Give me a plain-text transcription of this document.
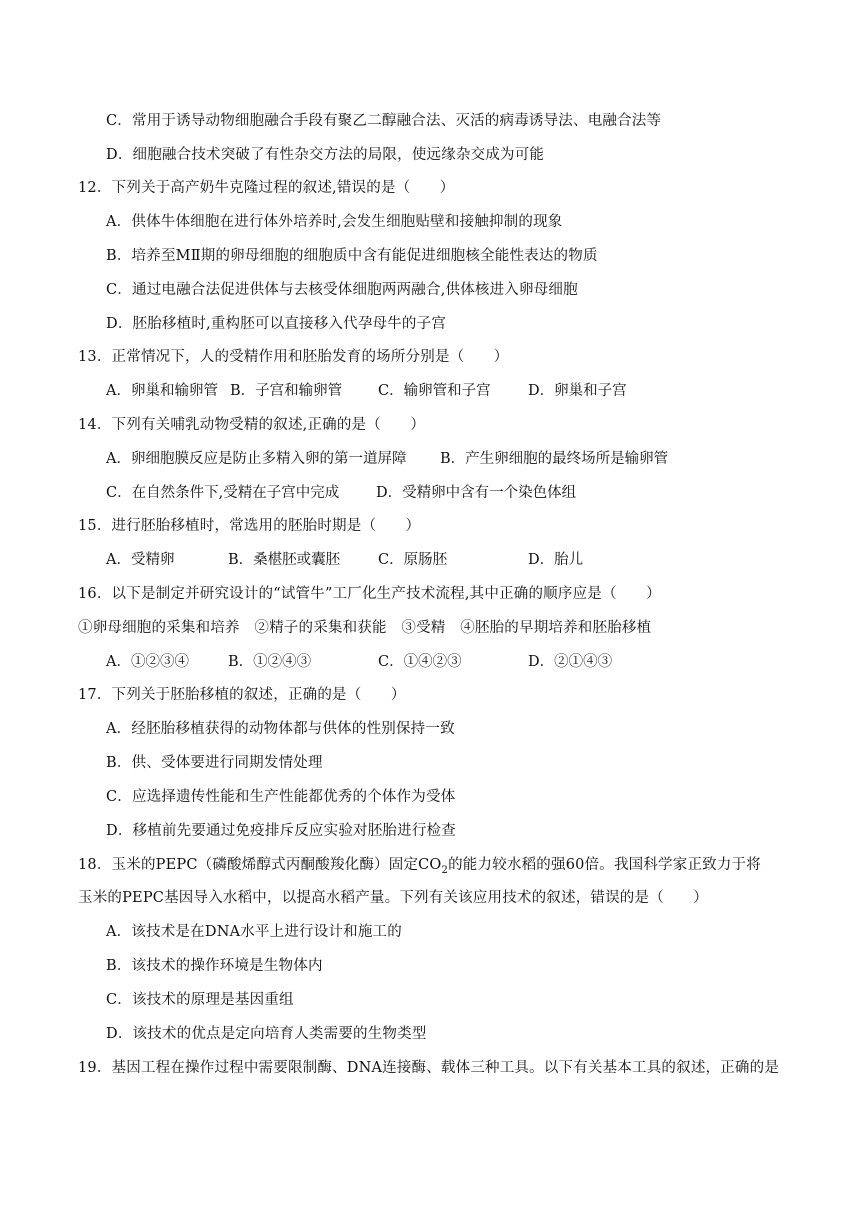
C．常用于诱导动物细胞融合手段有聚乙二醇融合法、灭活的病毒诱导法、电融合法等
D．细胞融合技术突破了有性杂交方法的局限，使远缘杂交成为可能
12．下列关于高产奶牛克隆过程的叙述,错误的是（　　）
A．供体牛体细胞在进行体外培养时,会发生细胞贴壁和接触抑制的现象
B．培养至MⅡ期的卵母细胞的细胞质中含有能促进细胞核全能性表达的物质
C．通过电融合法促进供体与去核受体细胞两两融合,供体核进入卵母细胞
D．胚胎移植时,重构胚可以直接移入代孕母牛的子宫
13．正常情况下，人的受精作用和胚胎发育的场所分别是（　　）
A．卵巢和输卵管 B．子宫和输卵管 C．输卵管和子宫	D．卵巢和子宫
14．下列有关哺乳动物受精的叙述,正确的是（　　）
A．卵细胞膜反应是防止多精入卵的第一道屏障 B．产生卵细胞的最终场所是输卵管
C．在自然条件下,受精在子宫中完成	D．受精卵中含有一个染色体组
15．进行胚胎移植时，常选用的胚胎时期是（　　）
A．受精卵	B．桑椹胚或囊胚	C．原肠胚	D．胎儿
16．以下是制定并研究设计的“试管牛”工厂化生产技术流程,其中正确的顺序应是（　　）
①卵母细胞的采集和培养　②精子的采集和获能　③受精　④胚胎的早期培养和胚胎移植
A．①②③④	B．①②④③	C．①④②③	D．②①④③
17．下列关于胚胎移植的叙述，正确的是（　　）
A．经胚胎移植获得的动物体都与供体的性别保持一致
B．供、受体要进行同期发情处理
C．应选择遗传性能和生产性能都优秀的个体作为受体
D．移植前先要通过免疫排斥反应实验对胚胎进行检查
18．玉米的PEPC（磷酸烯醇式丙酮酸羧化酶）固定$CO_2$的能力较水稻的强60倍。我国科学家正致力于将
玉米的PEPC基因导入水稻中，以提高水稻产量。下列有关该应用技术的叙述，错误的是（　　）
A．该技术是在DNA水平上进行设计和施工的
B．该技术的操作环境是生物体内
C．该技术的原理是基因重组
D．该技术的优点是定向培育人类需要的生物类型
19．基因工程在操作过程中需要限制酶、DNA连接酶、载体三种工具。以下有关基本工具的叙述，正确的是
